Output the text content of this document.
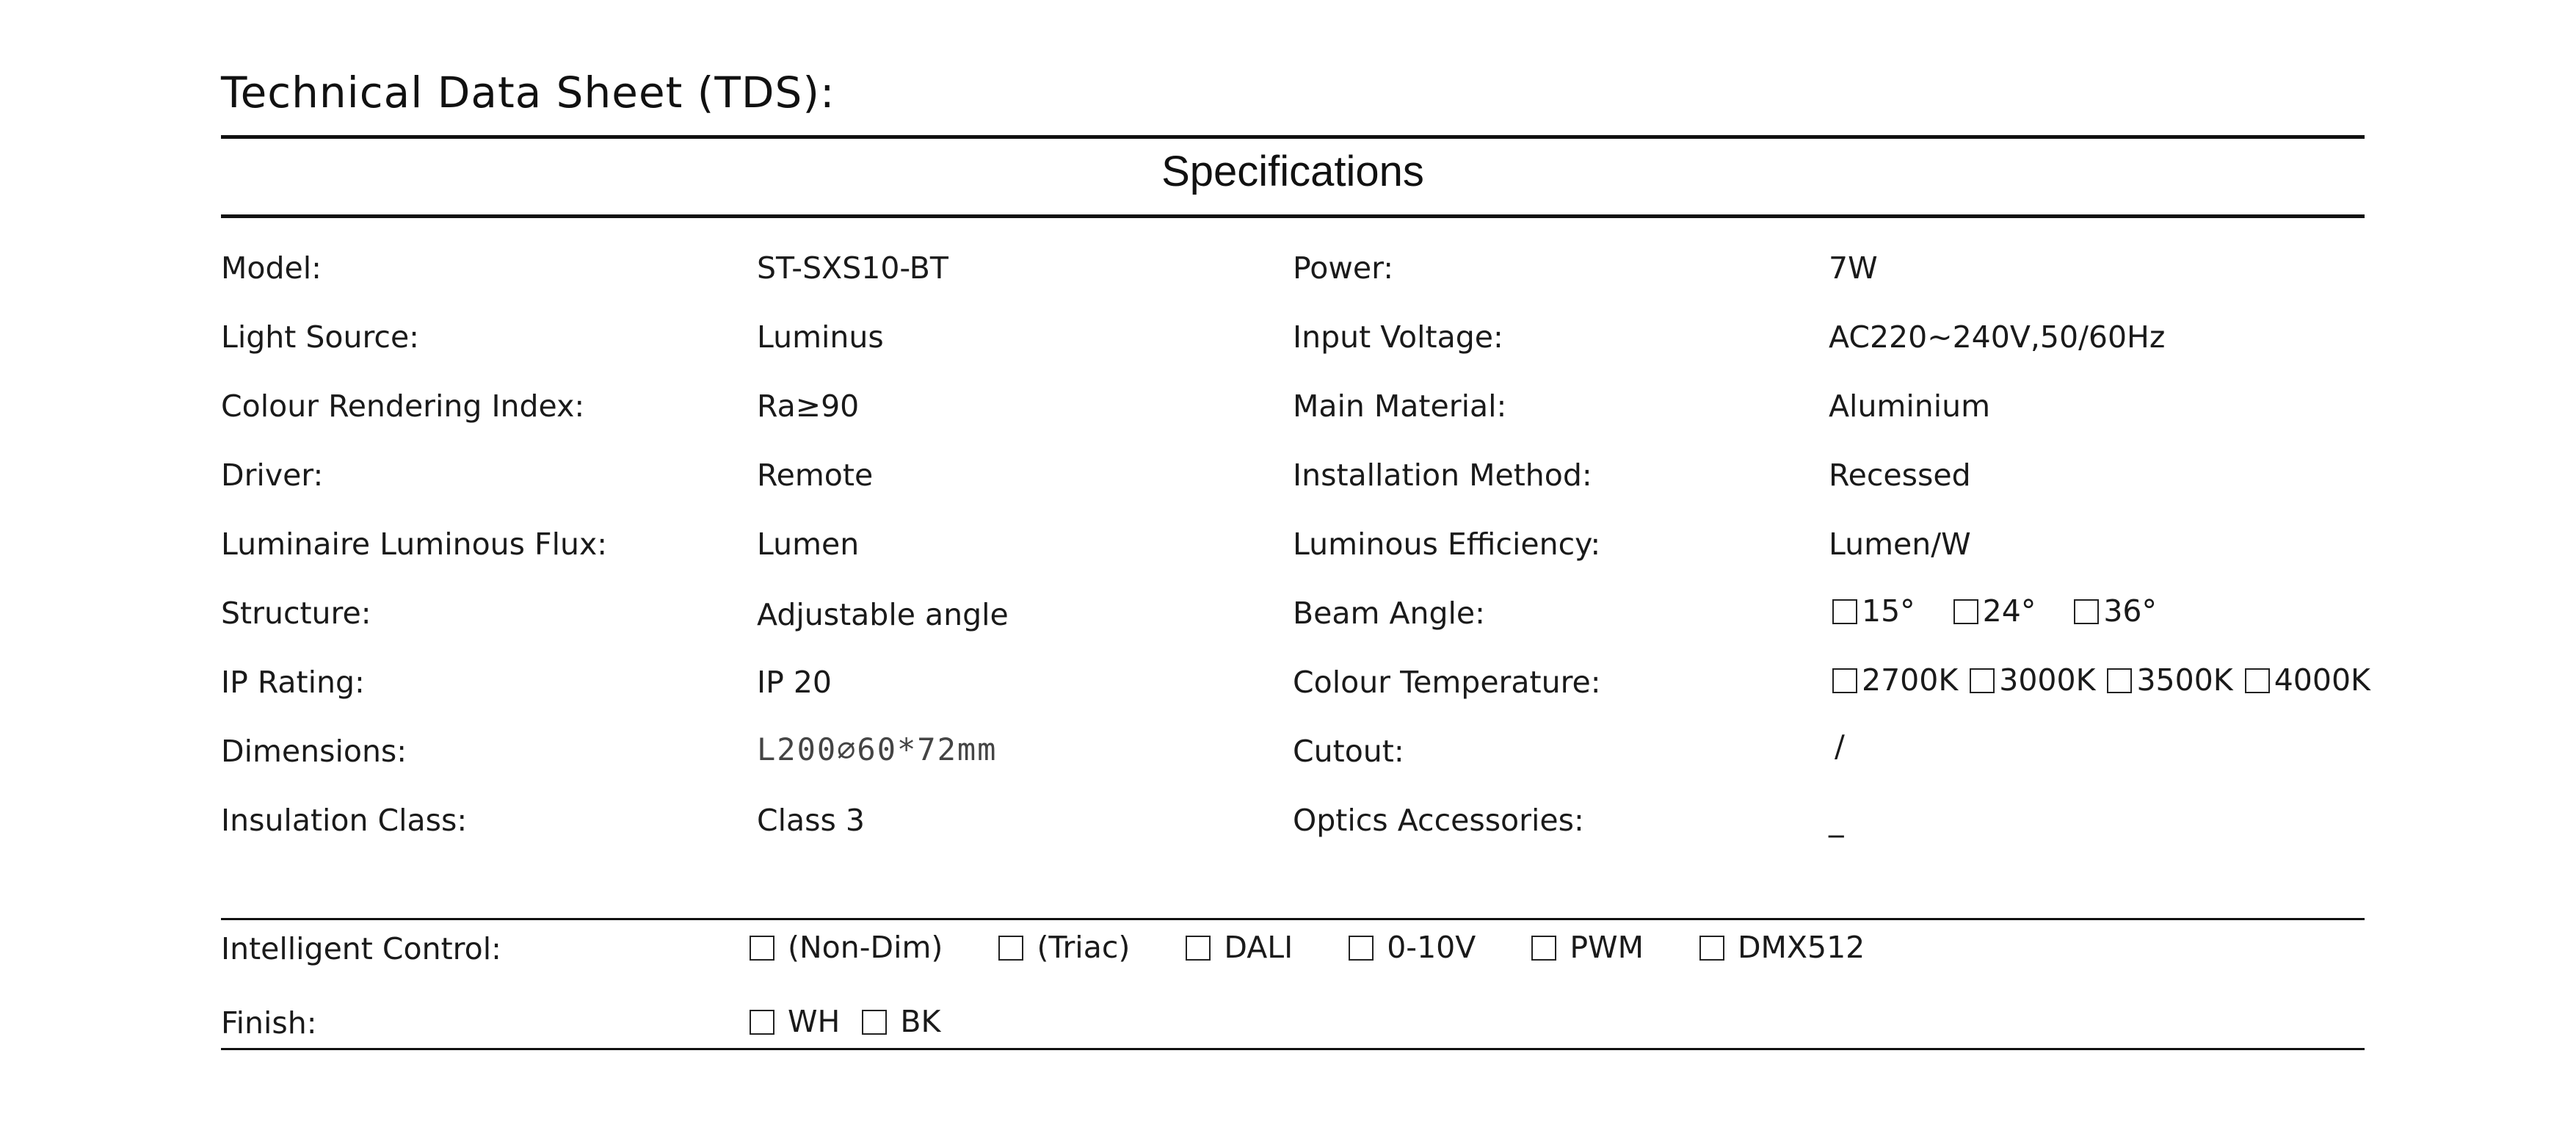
Technical Data Sheet (TDS):
Specifications
Model:	ST-SXS10-BT	Power:	7W
Light Source:	Luminus	Input Voltage:	AC220~240V,50/60Hz
Colour Rendering Index:	Ra≥90	Main Material:	Aluminium
Driver:	Remote	Installation Method:	Recessed
Luminaire Luminous Flux:	Lumen	Luminous Efficiency:	Lumen/W
Structure:	Adjustable angle	Beam Angle:	15° 24° 36°
IP Rating:	IP 20	Colour Temperature:	2700K 3000K 3500K 4000K
Dimensions:	L200∅60*72mm	Cutout:	/
Insulation Class:	Class 3	Optics Accessories:	_
Intelligent Control:	(Non-Dim)	(Triac)	DALI	0-10V	PWM	DMX512
Finish:	WH BK
